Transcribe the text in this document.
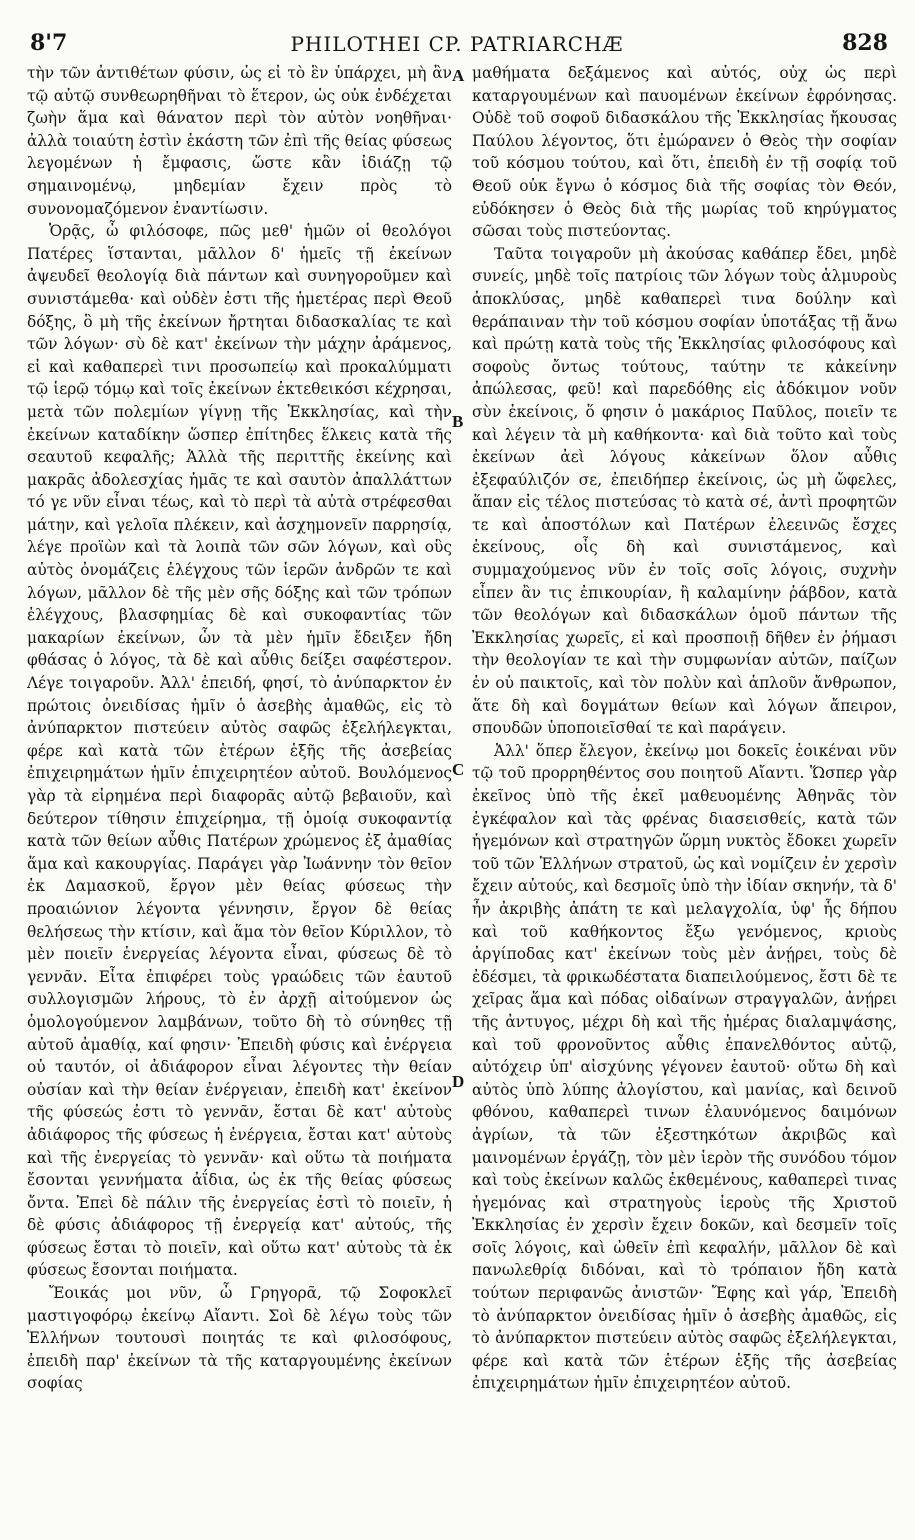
8'7	PHILOTHEI CP. PATRIARCHÆ	828

τὴν τῶν ἀντιθέτων φύσιν, ὡς εἰ τὸ ἓν ὑπάρχει, μὴ ἂν τῷ αὐτῷ συνθεωρηθῆναι τὸ ἕτερον, ὡς οὐκ ἐνδέχεται ζωὴν ἅμα καὶ θάνατον περὶ τὸν αὐτὸν νοηθῆναι· ἀλλὰ τοιαύτη ἐστὶν ἑκάστη τῶν ἐπὶ τῆς θείας φύσεως λεγομένων ἡ ἔμφασις, ὥστε κἂν ἰδιάζῃ τῷ σημαινομένῳ, μηδεμίαν ἔχειν πρὸς τὸ συνονομαζόμενον ἐναντίωσιν.

Ὁρᾷς, ὦ φιλόσοφε, πῶς μεθ' ἡμῶν οἱ θεολόγοι Πατέρες ἵστανται, μᾶλλον δ' ἡμεῖς τῇ ἐκείνων ἀψευδεῖ θεολογίᾳ διὰ πάντων καὶ συνηγοροῦμεν καὶ συνιστάμεθα· καὶ οὐδὲν ἐστι τῆς ἡμετέρας περὶ Θεοῦ δόξης, ὃ μὴ τῆς ἐκείνων ἤρτηται διδασκαλίας τε καὶ τῶν λόγων· σὺ δὲ κατ' ἐκείνων τὴν μάχην ἀράμενος, εἰ καὶ καθαπερεὶ τινι προσωπείῳ καὶ προκαλύμματι τῷ ἱερῷ τόμῳ καὶ τοῖς ἐκείνων ἐκτεθεικόσι κέχρησαι, μετὰ τῶν πολεμίων γίγνῃ τῆς Ἐκκλησίας, καὶ τὴν ἐκείνων καταδίκην ὥσπερ ἐπίτηδες ἕλκεις κατὰ τῆς σεαυτοῦ κεφαλῆς; Ἀλλὰ τῆς περιττῆς ἐκείνης καὶ μακρᾶς ἀδολεσχίας ἡμᾶς τε καὶ σαυτὸν ἀπαλλάττων τό γε νῦν εἶναι τέως, καὶ τὸ περὶ τὰ αὐτὰ στρέφεσθαι μάτην, καὶ γελοῖα πλέκειν, καὶ ἀσχημονεῖν παρρησίᾳ, λέγε προϊὼν καὶ τὰ λοιπὰ τῶν σῶν λόγων, καὶ οὓς αὐτὸς ὀνομάζεις ἐλέγχους τῶν ἱερῶν ἀνδρῶν τε καὶ λόγων, μᾶλλον δὲ τῆς μὲν σῆς δόξης καὶ τῶν τρόπων ἐλέγχους, βλασφημίας δὲ καὶ συκοφαντίας τῶν μακαρίων ἐκείνων, ὧν τὰ μὲν ἡμῖν ἔδειξεν ἤδη φθάσας ὁ λόγος, τὰ δὲ καὶ αὖθις δείξει σαφέστερον. Λέγε τοιγαροῦν. Ἀλλ' ἐπειδή, φησί, τὸ ἀνύπαρκτον ἐν πρώτοις ὀνειδίσας ἡμῖν ὁ ἀσεβὴς ἀμαθῶς, εἰς τὸ ἀνύπαρκτον πιστεύειν αὐτὸς σαφῶς ἐξελήλεγκται, φέρε καὶ κατὰ τῶν ἑτέρων ἑξῆς τῆς ἀσεβείας ἐπιχειρημάτων ἡμῖν ἐπιχειρητέον αὐτοῦ. Βουλόμενος γὰρ τὰ εἰρημένα περὶ διαφορᾶς αὐτῷ βεβαιοῦν, καὶ δεύτερον τίθησιν ἐπιχείρημα, τῇ ὁμοίᾳ συκοφαντίᾳ κατὰ τῶν θείων αὖθις Πατέρων χρώμενος ἐξ ἀμαθίας ἅμα καὶ κακουργίας. Παράγει γὰρ Ἰωάννην τὸν θεῖον ἐκ Δαμασκοῦ, ἔργον μὲν θείας φύσεως τὴν προαιώνιον λέγοντα γέννησιν, ἔργον δὲ θείας θελήσεως τὴν κτίσιν, καὶ ἅμα τὸν θεῖον Κύριλλον, τὸ μὲν ποιεῖν ἐνεργείας λέγοντα εἶναι, φύσεως δὲ τὸ γεννᾶν. Εἶτα ἐπιφέρει τοὺς γραώδεις τῶν ἑαυτοῦ συλλογισμῶν λήρους, τὸ ἐν ἀρχῇ αἰτούμενον ὡς ὁμολογούμενον λαμβάνων, τοῦτο δὴ τὸ σύνηθες τῇ αὐτοῦ ἀμαθίᾳ, καί φησιν· Ἐπειδὴ φύσις καὶ ἐνέργεια οὐ ταυτόν, οἱ ἀδιάφορον εἶναι λέγοντες τὴν θείαν οὐσίαν καὶ τὴν θείαν ἐνέργειαν, ἐπειδὴ κατ' ἐκείνον τῆς φύσεώς ἐστι τὸ γεννᾶν, ἔσται δὲ κατ' αὐτοὺς ἀδιάφορος τῆς φύσεως ἡ ἐνέργεια, ἔσται κατ' αὐτοὺς καὶ τῆς ἐνεργείας τὸ γεννᾶν· καὶ οὕτω τὰ ποιήματα ἔσονται γεννήματα ἀΐδια, ὡς ἐκ τῆς θείας φύσεως ὄντα. Ἐπεὶ δὲ πάλιν τῆς ἐνεργείας ἐστὶ τὸ ποιεῖν, ἡ δὲ φύσις ἀδιάφορος τῇ ἐνεργείᾳ κατ' αὐτούς, τῆς φύσεως ἔσται τὸ ποιεῖν, καὶ οὕτω κατ' αὐτοὺς τὰ ἐκ φύσεως ἔσονται ποιήματα.

Ἔοικάς μοι νῦν, ὦ Γρηγορᾶ, τῷ Σοφοκλεῖ μαστιγοφόρῳ ἐκείνῳ Αἴαντι. Σοὶ δὲ λέγω τοὺς τῶν Ἑλλήνων τουτουσὶ ποιητάς τε καὶ φιλοσόφους, ἐπειδὴ παρ' ἐκείνων τὰ τῆς καταργουμένης ἐκείνων σοφίας

A
B
C
D

μαθήματα δεξάμενος καὶ αὐτός, οὐχ ὡς περὶ καταργουμένων καὶ παυομένων ἐκείνων ἐφρόνησας. Οὐδὲ τοῦ σοφοῦ διδασκάλου τῆς Ἐκκλησίας ἤκουσας Παύλου λέγοντος, ὅτι ἐμώρανεν ὁ Θεὸς τὴν σοφίαν τοῦ κόσμου τούτου, καὶ ὅτι, ἐπειδὴ ἐν τῇ σοφίᾳ τοῦ Θεοῦ οὐκ ἔγνω ὁ κόσμος διὰ τῆς σοφίας τὸν Θεόν, εὐδόκησεν ὁ Θεὸς διὰ τῆς μωρίας τοῦ κηρύγματος σῶσαι τοὺς πιστεύοντας.

Ταῦτα τοιγαροῦν μὴ ἀκούσας καθάπερ ἔδει, μηδὲ συνείς, μηδὲ τοῖς πατρίοις τῶν λόγων τοὺς ἁλμυροὺς ἀποκλύσας, μηδὲ καθαπερεὶ τινα δούλην καὶ θεράπαιναν τὴν τοῦ κόσμου σοφίαν ὑποτάξας τῇ ἄνω καὶ πρώτῃ κατὰ τοὺς τῆς Ἐκκλησίας φιλοσόφους καὶ σοφοὺς ὄντως τούτους, ταύτην τε κἀκείνην ἀπώλεσας, φεῦ! καὶ παρεδόθης εἰς ἀδόκιμον νοῦν σὺν ἐκείνοις, ὅ φησιν ὁ μακάριος Παῦλος, ποιεῖν τε καὶ λέγειν τὰ μὴ καθήκοντα· καὶ διὰ τοῦτο καὶ τοὺς ἐκείνων ἀεὶ λόγους κἀκείνων ὅλον αὖθις ἐξεφαύλιζόν σε, ἐπειδήπερ ἐκείνοις, ὡς μὴ ὤφελες, ἅπαν εἰς τέλος πιστεύσας τὸ κατὰ σέ, ἀντὶ προφητῶν τε καὶ ἀποστόλων καὶ Πατέρων ἐλεεινῶς ἔσχες ἐκείνους, οἷς δὴ καὶ συνιστάμενος, καὶ συμμαχούμενος νῦν ἐν τοῖς σοῖς λόγοις, συχνὴν εἶπεν ἂν τις ἐπικουρίαν, ἢ καλαμίνην ῥάβδον, κατὰ τῶν θεολόγων καὶ διδασκάλων ὁμοῦ πάντων τῆς Ἐκκλησίας χωρεῖς, εἰ καὶ προσποιῇ δῆθεν ἐν ῥήμασι τὴν θεολογίαν τε καὶ τὴν συμφωνίαν αὐτῶν, παίζων ἐν οὐ παικτοῖς, καὶ τὸν πολὺν καὶ ἁπλοῦν ἄνθρωπον, ἅτε δὴ καὶ δογμάτων θείων καὶ λόγων ἄπειρον, σπουδῶν ὑποποιεῖσθαί τε καὶ παράγειν.

Ἀλλ' ὅπερ ἔλεγον, ἐκείνῳ μοι δοκεῖς ἐοικέναι νῦν τῷ τοῦ προρρηθέντος σου ποιητοῦ Αἴαντι. Ὥσπερ γὰρ ἐκεῖνος ὑπὸ τῆς ἐκεῖ μαθευομένης Ἀθηνᾶς τὸν ἐγκέφαλον καὶ τὰς φρένας διασεισθείς, κατὰ τῶν ἡγεμόνων καὶ στρατηγῶν ὥρμη νυκτὸς ἔδοκει χωρεῖν τοῦ τῶν Ἑλλήνων στρατοῦ, ὡς καὶ νομίζειν ἐν χερσὶν ἔχειν αὐτούς, καὶ δεσμοῖς ὑπὸ τὴν ἰδίαν σκηνήν, τὰ δ' ἦν ἀκριβὴς ἀπάτη τε καὶ μελαγχολία, ὑφ' ἧς δήπου καὶ τοῦ καθήκοντος ἔξω γενόμενος, κριοὺς ἀργίποδας κατ' ἐκείνων τοὺς μὲν ἀνῄρει, τοὺς δὲ ἐδέσμει, τὰ φρικωδέστατα διαπειλούμενος, ἔστι δὲ τε χεῖρας ἅμα καὶ πόδας οἰδαίνων στραγγαλῶν, ἀνῄρει τῆς ἀντυγος, μέχρι δὴ καὶ τῆς ἡμέρας διαλαμψάσης, καὶ τοῦ φρονοῦντος αὖθις ἐπανελθόντος αὐτῷ, αὐτόχειρ ὑπ' αἰσχύνης γέγονεν ἑαυτοῦ· οὕτω δὴ καὶ αὐτὸς ὑπὸ λύπης ἀλογίστου, καὶ μανίας, καὶ δεινοῦ φθόνου, καθαπερεὶ τινων ἐλαυνόμενος δαιμόνων ἀγρίων, τὰ τῶν ἐξεστηκότων ἀκριβῶς καὶ μαινομένων ἐργάζῃ, τὸν μὲν ἱερὸν τῆς συνόδου τόμον καὶ τοὺς ἐκείνων καλῶς ἐκθεμένους, καθαπερεὶ τινας ἡγεμόνας καὶ στρατηγοὺς ἱεροὺς τῆς Χριστοῦ Ἐκκλησίας ἐν χερσὶν ἔχειν δοκῶν, καὶ δεσμεῖν τοῖς σοῖς λόγοις, καὶ ὠθεῖν ἐπὶ κεφαλήν, μᾶλλον δὲ καὶ πανωλεθρίᾳ διδόναι, καὶ τὸ τρόπαιον ἤδη κατὰ τούτων περιφανῶς ἀνιστῶν· Ἔφης καὶ γάρ, Ἐπειδὴ τὸ ἀνύπαρκτον ὀνειδίσας ἡμῖν ὁ ἀσεβὴς ἀμαθῶς, εἰς τὸ ἀνύπαρκτον πιστεύειν αὐτὸς σαφῶς ἐξελήλεγκται, φέρε καὶ κατὰ τῶν ἑτέρων ἑξῆς τῆς ἀσεβείας ἐπιχειρημάτων ἡμῖν ἐπιχειρητέον αὐτοῦ.
